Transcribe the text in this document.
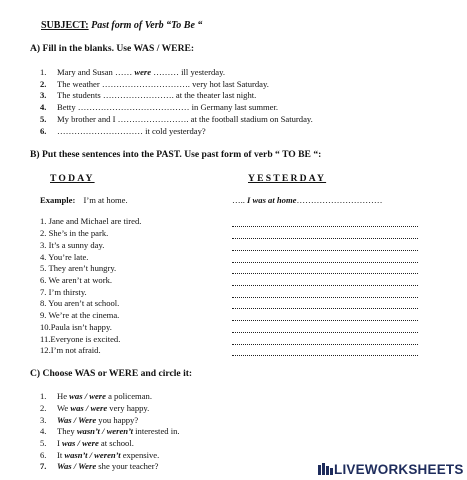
SUBJECT: Past form of Verb “To Be “
A) Fill in the blanks. Use WAS / WERE:
1. Mary and Susan …… were ……… ill yesterday.
2. The weather …………………………. very hot last Saturday.
3. The students ……………………. at the theater last night.
4. Betty ………………………………… in Germany last summer.
5. My brother and I ……………………. at the football stadium on Saturday.
6. ………………………… it cold yesterday?
B) Put these sentences into the PAST. Use past form of verb “ TO BE “:
TODAY	YESTERDAY
Example: I’m at home.	….. I was at home…………………………
1. Jane and Michael are tired.
2. She’s in the park.
3. It’s a sunny day.
4. You’re late.
5. They aren’t hungry.
6. We aren’t at work.
7. I’m thirsty.
8. You aren’t at school.
9. We’re at the cinema.
10.Paula isn’t happy.
11.Everyone is excited.
12.I’m not afraid.
C) Choose WAS or WERE and circle it:
1. He was / were a policeman.
2. We was / were very happy.
3. Was / Were you happy?
4. They wasn’t / weren’t interested in.
5. I was / were at school.
6. It wasn’t / weren’t expensive.
7. Was / Were she your teacher?	LIVEWORKSHEETS
